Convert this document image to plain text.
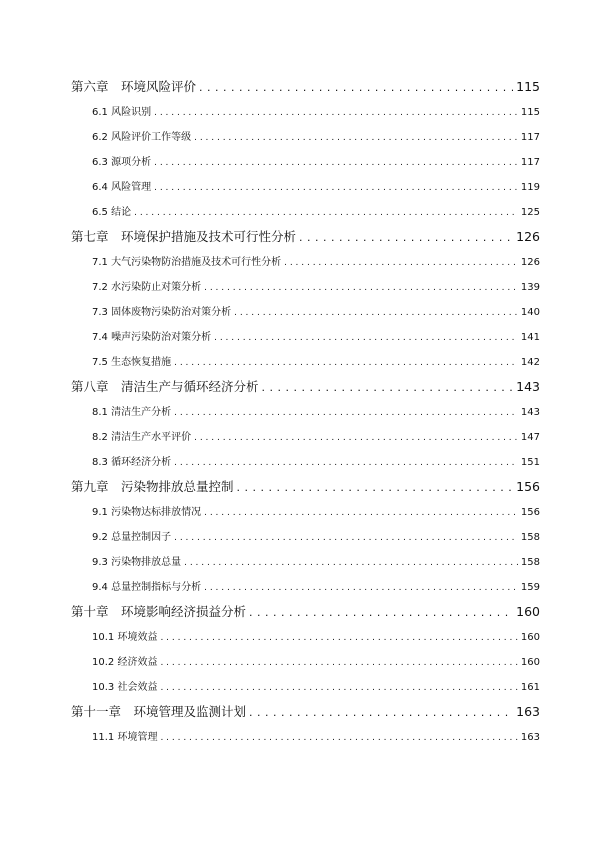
第六章　环境风险评价 . . .	115
6.1 风险识别 . . .	115
6.2 风险评价工作等级 . . .	117
6.3 源项分析 . . .	117
6.4 风险管理 . . .	119
6.5 结论 . . .	125
第七章　环境保护措施及技术可行性分析 . . .	126
7.1 大气污染物防治措施及技术可行性分析 . . .	126
7.2 水污染防止对策分析 . . .	139
7.3 固体废物污染防治对策分析 . . .	140
7.4 噪声污染防治对策分析 . . .	141
7.5 生态恢复措施 . . .	142
第八章　清洁生产与循环经济分析 . . .	143
8.1 清洁生产分析 . . .	143
8.2 清洁生产水平评价 . . .	147
8.3 循环经济分析 . . .	151
第九章　污染物排放总量控制 . . .	156
9.1 污染物达标排放情况 . . .	156
9.2 总量控制因子 . . .	158
9.3 污染物排放总量 . . .	158
9.4 总量控制指标与分析 . . .	159
第十章　环境影响经济损益分析 . . .	160
10.1 环境效益 . . .	160
10.2 经济效益 . . .	160
10.3 社会效益 . . .	161
第十一章　环境管理及监测计划 . . .	163
11.1 环境管理 . . .	163
